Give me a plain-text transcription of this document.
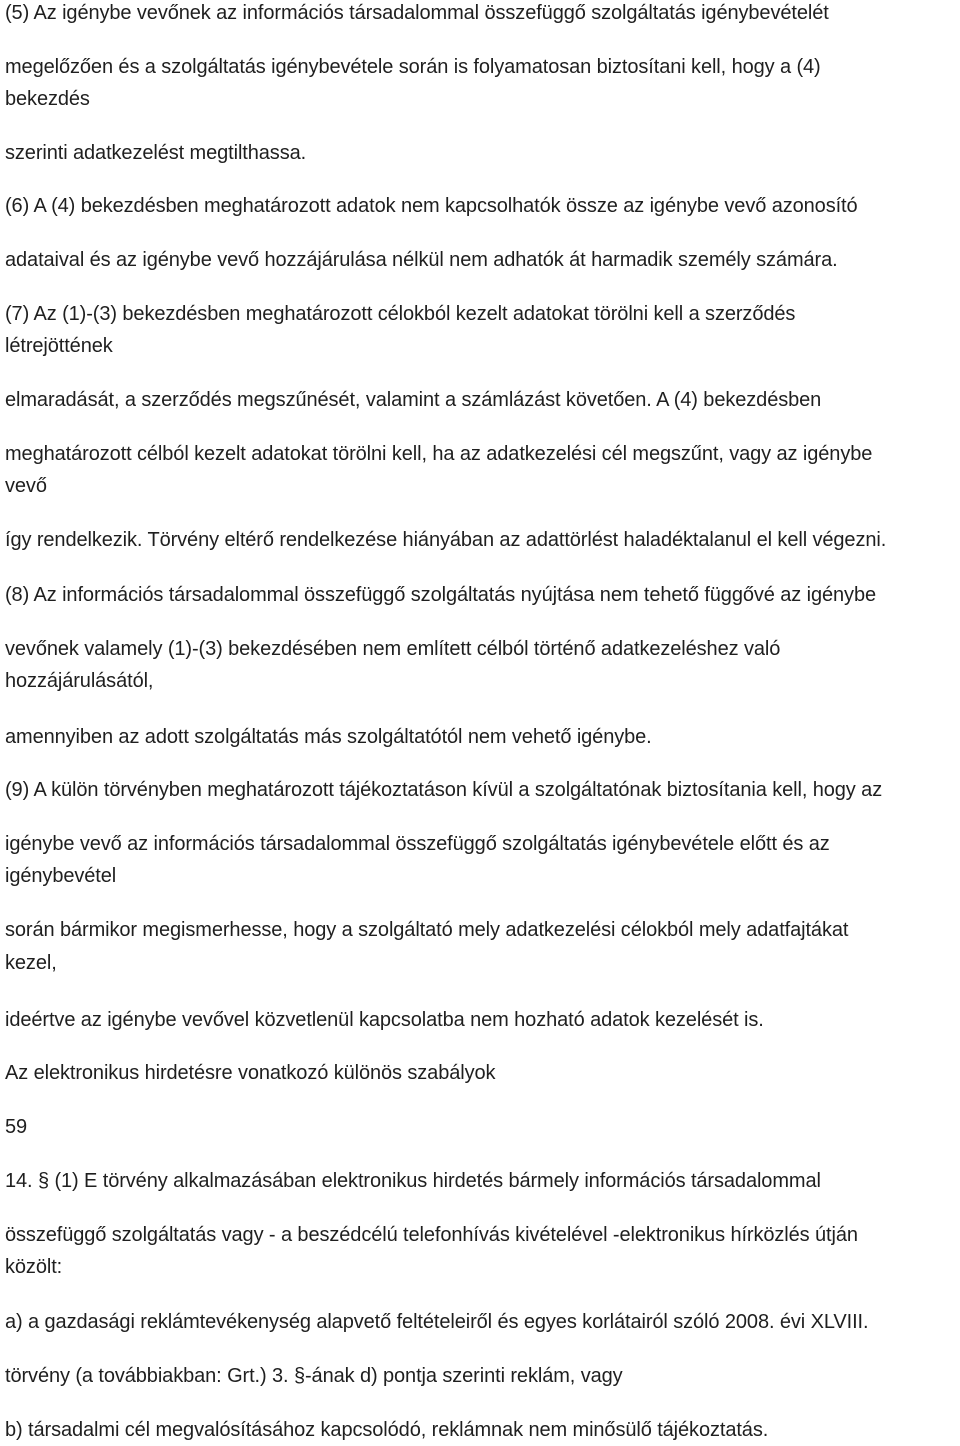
(5) Az igénybe vevőnek az információs társadalommal összefüggő szolgáltatás igénybevételét
megelőzően és a szolgáltatás igénybevétele során is folyamatosan biztosítani kell, hogy a (4)
bekezdés
szerinti adatkezelést megtilthassa.
(6) A (4) bekezdésben meghatározott adatok nem kapcsolhatók össze az igénybe vevő azonosító
adataival és az igénybe vevő hozzájárulása nélkül nem adhatók át harmadik személy számára.
(7) Az (1)-(3) bekezdésben meghatározott célokból kezelt adatokat törölni kell a szerződés
létrejöttének
elmaradását, a szerződés megszűnését, valamint a számlázást követően. A (4) bekezdésben
meghatározott célból kezelt adatokat törölni kell, ha az adatkezelési cél megszűnt, vagy az igénybe
vevő
így rendelkezik. Törvény eltérő rendelkezése hiányában az adattörlést haladéktalanul el kell végezni.
(8) Az információs társadalommal összefüggő szolgáltatás nyújtása nem tehető függővé az igénybe
vevőnek valamely (1)-(3) bekezdésében nem említett célból történő adatkezeléshez való
hozzájárulásától,
amennyiben az adott szolgáltatás más szolgáltatótól nem vehető igénybe.
(9) A külön törvényben meghatározott tájékoztatáson kívül a szolgáltatónak biztosítania kell, hogy az
igénybe vevő az információs társadalommal összefüggő szolgáltatás igénybevétele előtt és az
igénybevétel
során bármikor megismerhesse, hogy a szolgáltató mely adatkezelési célokból mely adatfajtákat
kezel,
ideértve az igénybe vevővel közvetlenül kapcsolatba nem hozható adatok kezelését is.
Az elektronikus hirdetésre vonatkozó különös szabályok
59
14. § (1) E törvény alkalmazásában elektronikus hirdetés bármely információs társadalommal
összefüggő szolgáltatás vagy - a beszédcélú telefonhívás kivételével -elektronikus hírközlés útján
közölt:
a) a gazdasági reklámtevékenység alapvető feltételeiről és egyes korlátairól szóló 2008. évi XLVIII.
törvény (a továbbiakban: Grt.) 3. §-ának d) pontja szerinti reklám, vagy
b) társadalmi cél megvalósításához kapcsolódó, reklámnak nem minősülő tájékoztatás.
